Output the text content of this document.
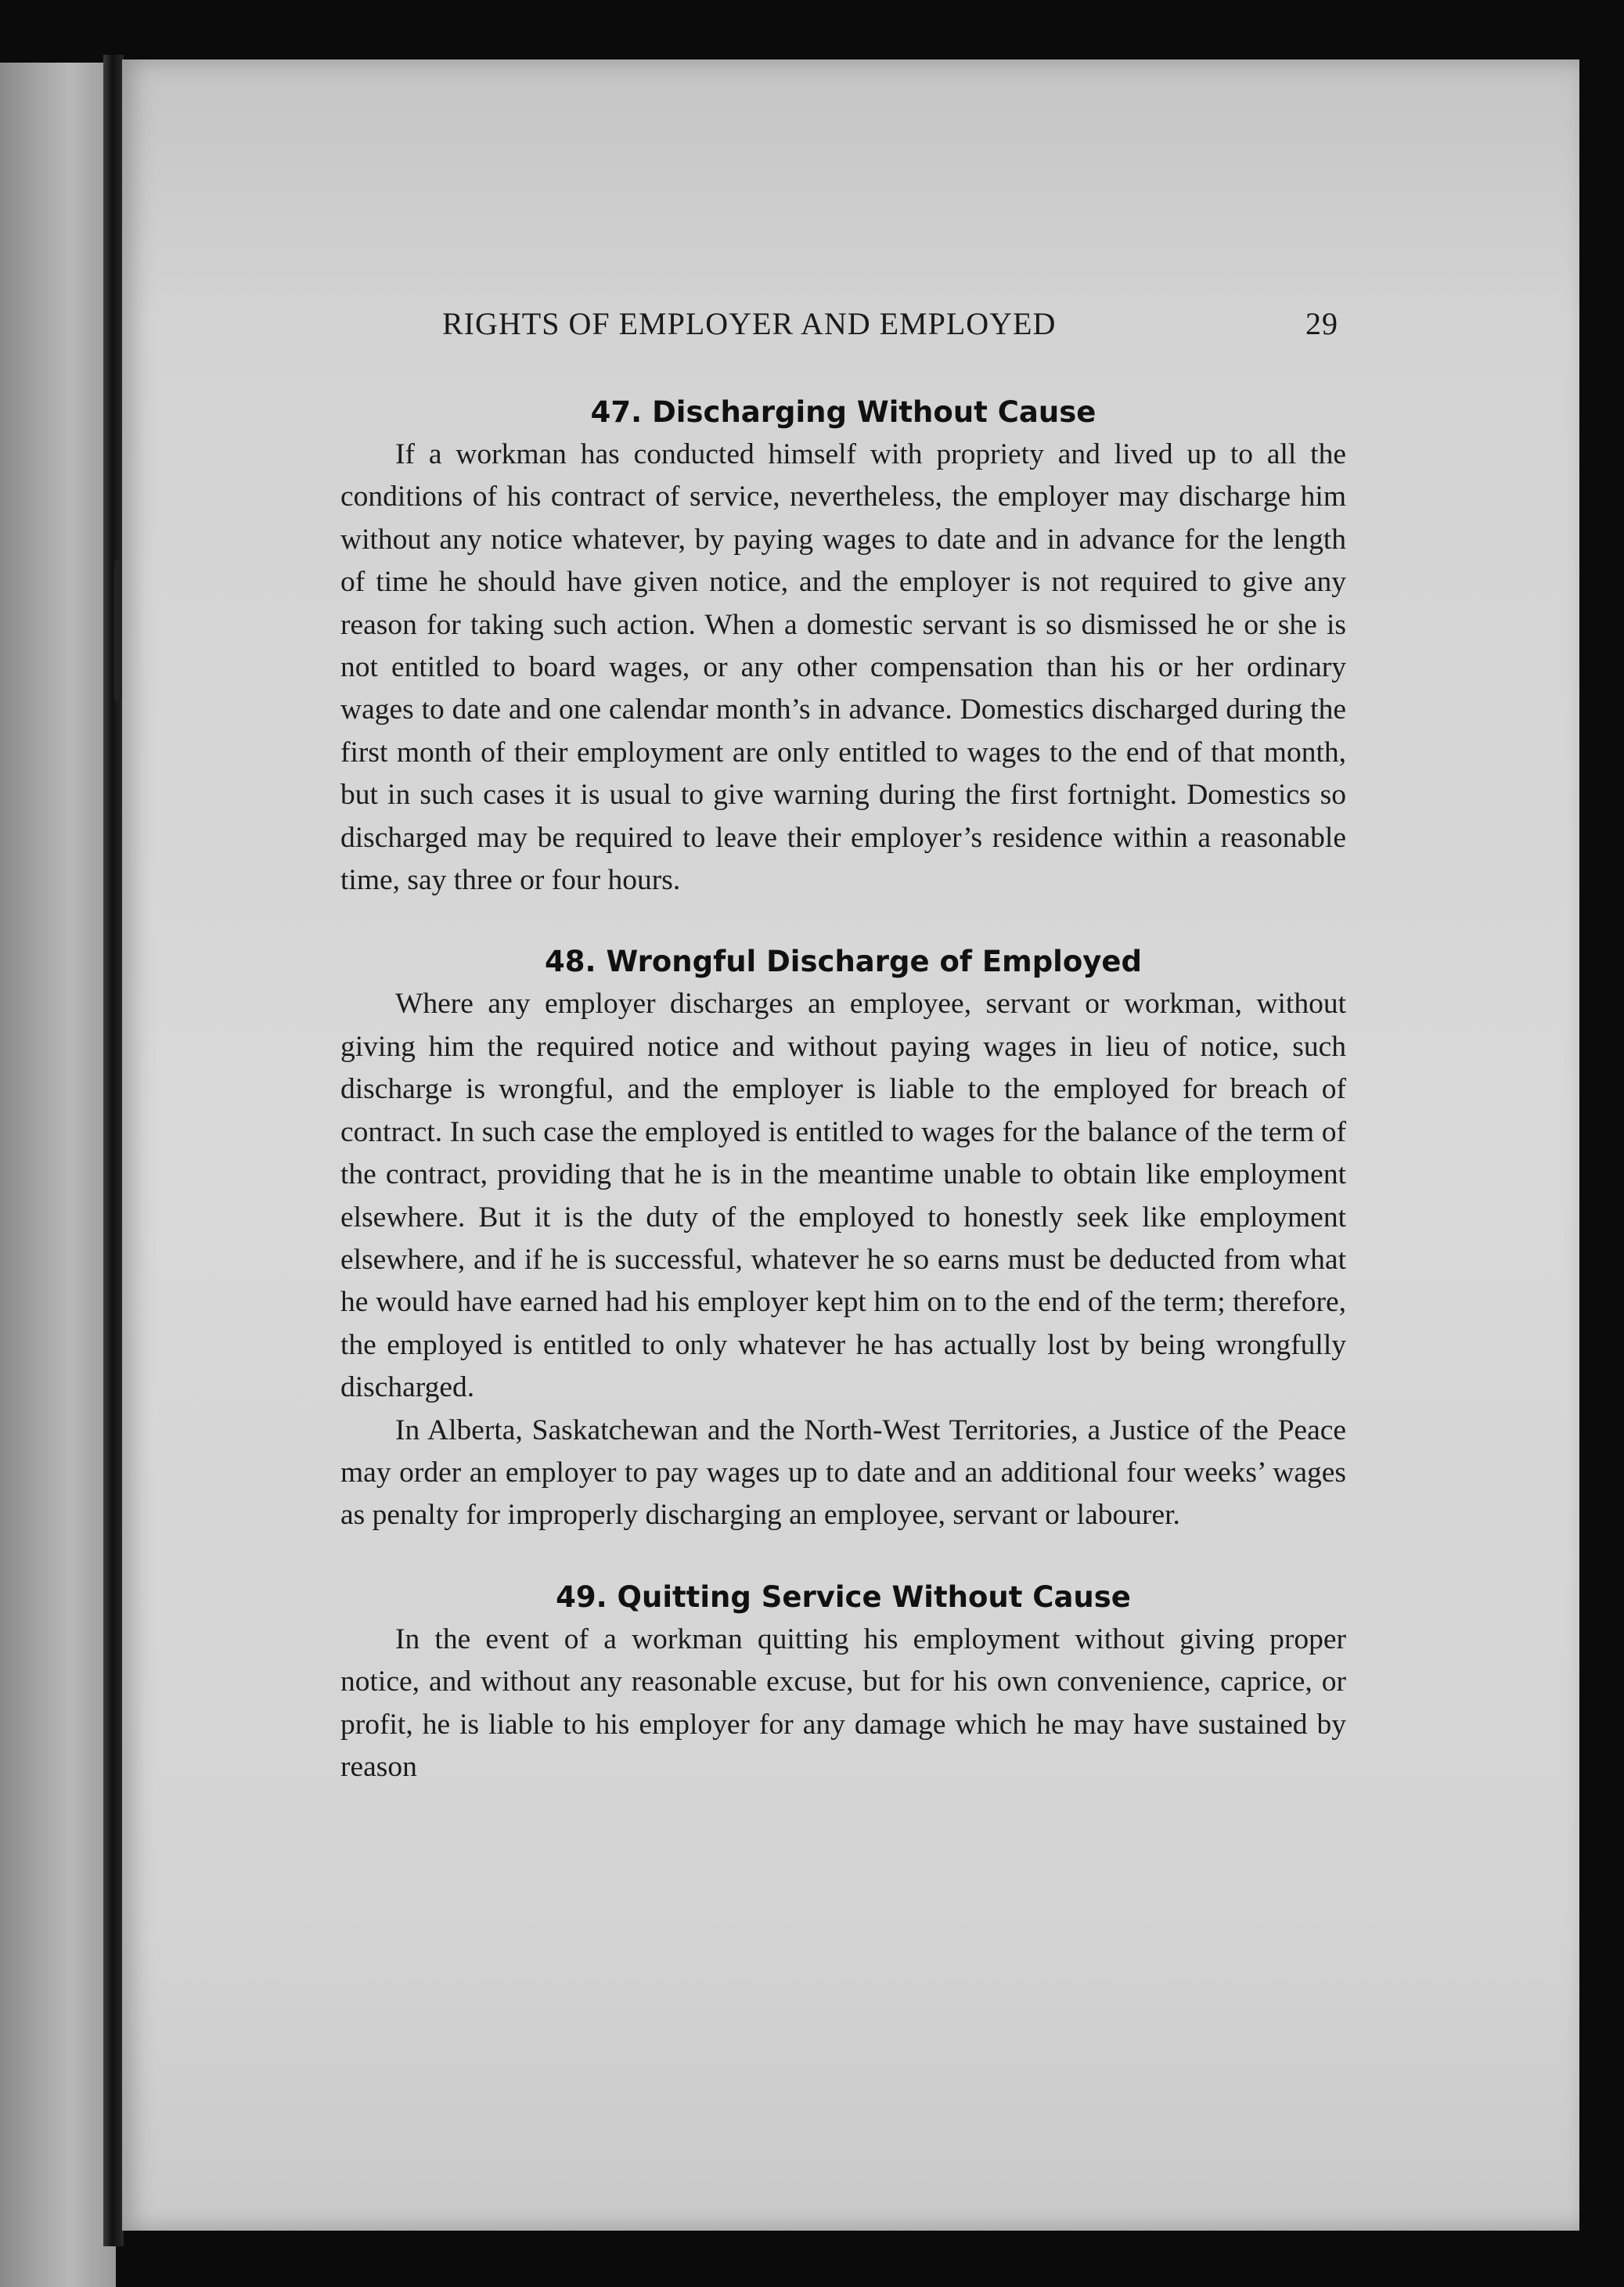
RIGHTS OF EMPLOYER AND EMPLOYED	29
47. Discharging Without Cause

If a workman has conducted himself with propriety and lived up to all the conditions of his contract of service, nevertheless, the employer may discharge him without any notice whatever, by paying wages to date and in advance for the length of time he should have given notice, and the employer is not required to give any reason for taking such action. When a domestic servant is so dismissed he or she is not entitled to board wages, or any other compensation than his or her ordinary wages to date and one calendar month’s in advance. Domestics discharged during the first month of their employment are only entitled to wages to the end of that month, but in such cases it is usual to give warning during the first fortnight. Domestics so discharged may be required to leave their employer’s residence within a reasonable time, say three or four hours.

48. Wrongful Discharge of Employed

Where any employer discharges an employee, servant or workman, without giving him the required notice and without paying wages in lieu of notice, such discharge is wrongful, and the employer is liable to the employed for breach of contract. In such case the employed is entitled to wages for the balance of the term of the contract, providing that he is in the meantime unable to obtain like employment elsewhere. But it is the duty of the employed to honestly seek like employment elsewhere, and if he is successful, whatever he so earns must be deducted from what he would have earned had his employer kept him on to the end of the term; therefore, the employed is entitled to only whatever he has actually lost by being wrongfully discharged.

In Alberta, Saskatchewan and the North-West Territories, a Justice of the Peace may order an employer to pay wages up to date and an additional four weeks’ wages as penalty for improperly discharging an employee, servant or labourer.

49. Quitting Service Without Cause

In the event of a workman quitting his employment without giving proper notice, and without any reasonable excuse, but for his own convenience, caprice, or profit, he is liable to his employer for any damage which he may have sustained by reason
